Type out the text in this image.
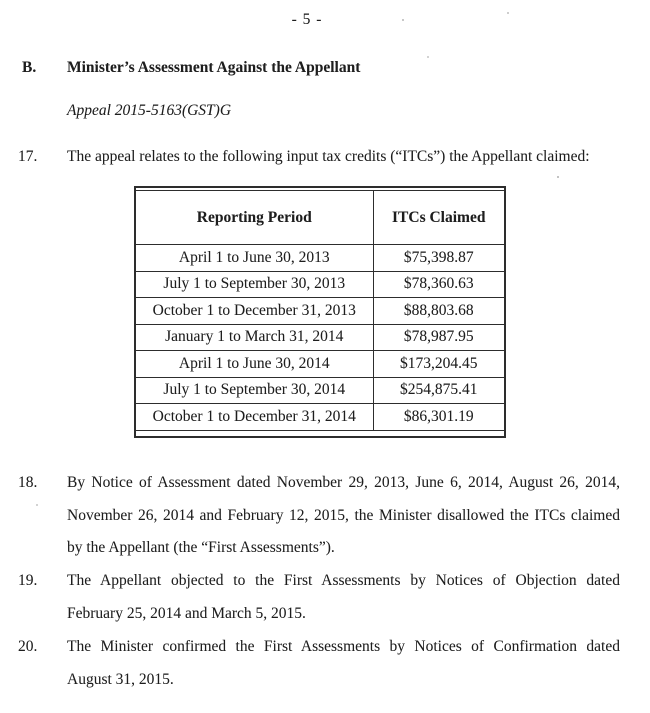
- 5 -
B. Minister’s Assessment Against the Appellant
Appeal 2015-5163(GST)G
17. The appeal relates to the following input tax credits (“ITCs”) the Appellant claimed:
Reporting Period	ITCs Claimed
April 1 to June 30, 2013	$75,398.87
July 1 to September 30, 2013	$78,360.63
October 1 to December 31, 2013	$88,803.68
January 1 to March 31, 2014	$78,987.95
April 1 to June 30, 2014	$173,204.45
July 1 to September 30, 2014	$254,875.41
October 1 to December 31, 2014	$86,301.19
18. By Notice of Assessment dated November 29, 2013, June 6, 2014, August 26, 2014,
November 26, 2014 and February 12, 2015, the Minister disallowed the ITCs claimed
by the Appellant (the “First Assessments”).
19. The Appellant objected to the First Assessments by Notices of Objection dated
February 25, 2014 and March 5, 2015.
20. The Minister confirmed the First Assessments by Notices of Confirmation dated
August 31, 2015.
